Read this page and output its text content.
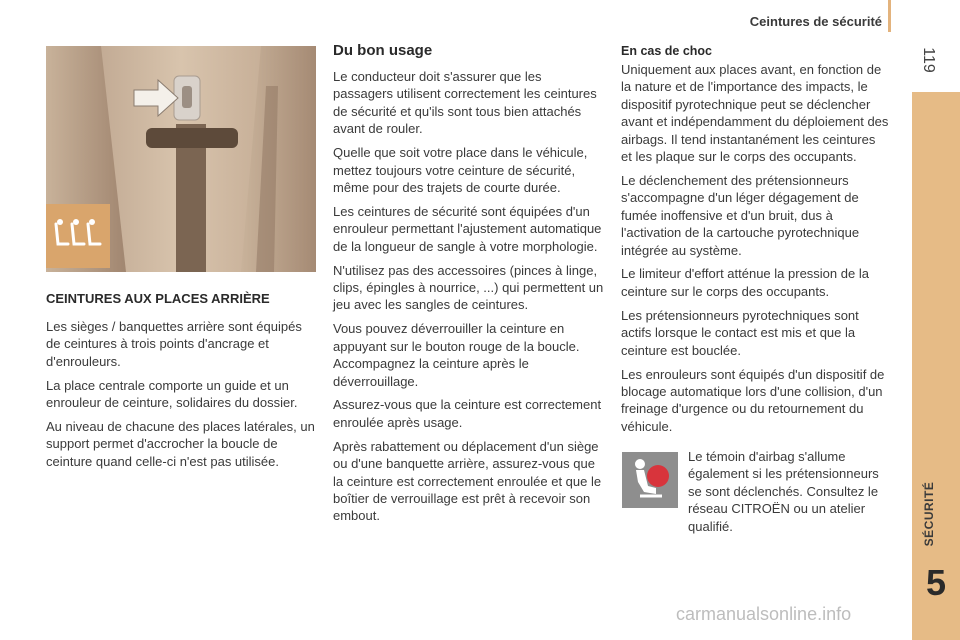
Ceintures de sécurité
119
SÉCURITÉ
5
CEINTURES AUX PLACES ARRIÈRE

Les sièges / banquettes arrière sont équipés de ceintures à trois points d'ancrage et d'enrouleurs.

La place centrale comporte un guide et un enrouleur de ceinture, solidaires du dossier.

Au niveau de chacune des places latérales, un support permet d'accrocher la boucle de ceinture quand celle-ci n'est pas utilisée.

Du bon usage

Le conducteur doit s'assurer que les passagers utilisent correctement les ceintures de sécurité et qu'ils sont tous bien attachés avant de rouler.

Quelle que soit votre place dans le véhicule, mettez toujours votre ceinture de sécurité, même pour des trajets de courte durée.

Les ceintures de sécurité sont équipées d'un enrouleur permettant l'ajustement automatique de la longueur de sangle à votre morphologie.

N'utilisez pas des accessoires (pinces à linge, clips, épingles à nourrice, ...) qui permettent un jeu avec les sangles de ceintures.

Vous pouvez déverrouiller la ceinture en appuyant sur le bouton rouge de la boucle. Accompagnez la ceinture après le déverrouillage.

Assurez-vous que la ceinture est correctement enroulée après usage.

Après rabattement ou déplacement d'un siège ou d'une banquette arrière, assurez-vous que la ceinture est correctement enroulée et que le boîtier de verrouillage est prêt à recevoir son embout.

En cas de choc

Uniquement aux places avant, en fonction de la nature et de l'importance des impacts, le dispositif pyrotechnique peut se déclencher avant et indépendamment du déploiement des airbags. Il tend instantanément les ceintures et les plaque sur le corps des occupants.

Le déclenchement des prétensionneurs s'accompagne d'un léger dégagement de fumée inoffensive et d'un bruit, dus à l'activation de la cartouche pyrotechnique intégrée au système.

Le limiteur d'effort atténue la pression de la ceinture sur le corps des occupants.

Les prétensionneurs pyrotechniques sont actifs lorsque le contact est mis et que la ceinture est bouclée.

Les enrouleurs sont équipés d'un dispositif de blocage automatique lors d'une collision, d'un freinage d'urgence ou du retournement du véhicule.

Le témoin d'airbag s'allume également si les prétensionneurs se sont déclenchés. Consultez le réseau CITROËN ou un atelier qualifié.
carmanualsonline.info
